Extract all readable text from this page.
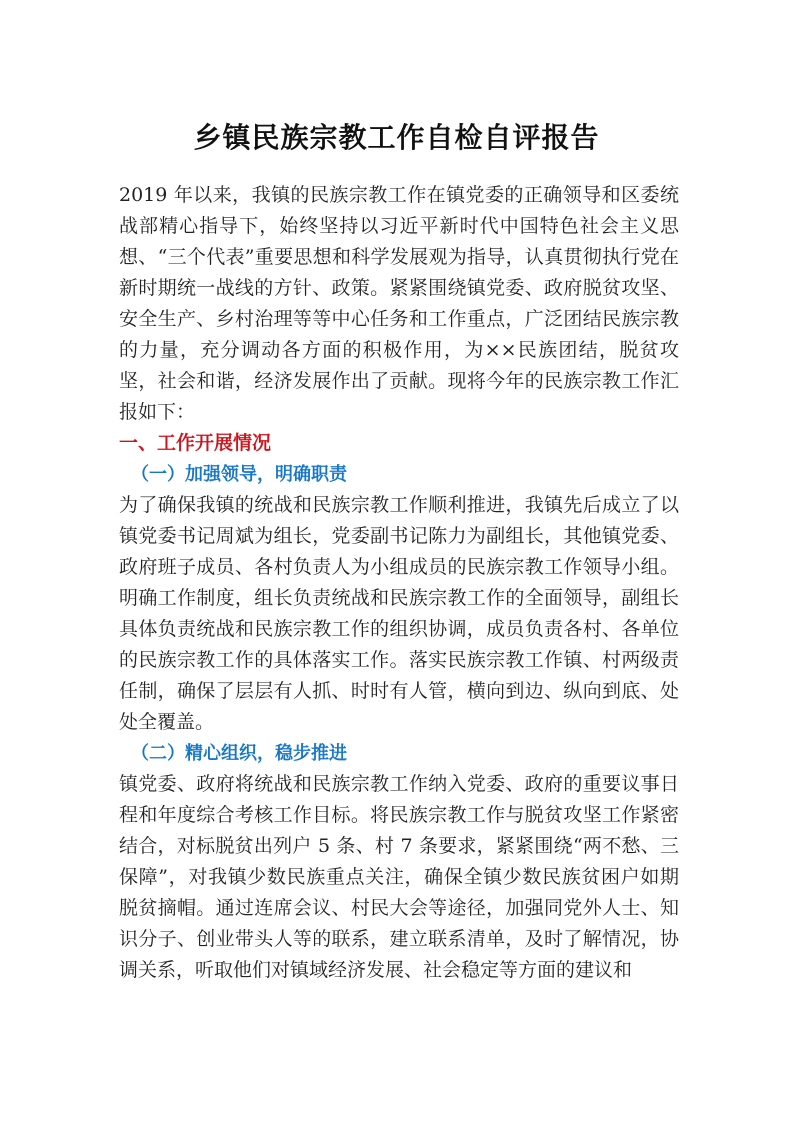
乡镇民族宗教工作自检自评报告

2019 年以来，我镇的民族宗教工作在镇党委的正确领导和区委统战部精心指导下，始终坚持以习近平新时代中国特色社会主义思想、“三个代表”重要思想和科学发展观为指导，认真贯彻执行党在新时期统一战线的方针、政策。紧紧围绕镇党委、政府脱贫攻坚、安全生产、乡村治理等等中心任务和工作重点，广泛团结民族宗教的力量，充分调动各方面的积极作用，为××民族团结，脱贫攻坚，社会和谐，经济发展作出了贡献。现将今年的民族宗教工作汇报如下：

一、工作开展情况

（一）加强领导，明确职责

为了确保我镇的统战和民族宗教工作顺利推进，我镇先后成立了以镇党委书记周斌为组长，党委副书记陈力为副组长，其他镇党委、政府班子成员、各村负责人为小组成员的民族宗教工作领导小组。明确工作制度，组长负责统战和民族宗教工作的全面领导，副组长具体负责统战和民族宗教工作的组织协调，成员负责各村、各单位的民族宗教工作的具体落实工作。落实民族宗教工作镇、村两级责任制，确保了层层有人抓、时时有人管，横向到边、纵向到底、处处全覆盖。

（二）精心组织，稳步推进

镇党委、政府将统战和民族宗教工作纳入党委、政府的重要议事日程和年度综合考核工作目标。将民族宗教工作与脱贫攻坚工作紧密结合，对标脱贫出列户 5 条、村 7 条要求，紧紧围绕“两不愁、三保障”，对我镇少数民族重点关注，确保全镇少数民族贫困户如期脱贫摘帽。通过连席会议、村民大会等途径，加强同党外人士、知识分子、创业带头人等的联系，建立联系清单，及时了解情况，协调关系，听取他们对镇域经济发展、社会稳定等方面的建议和
